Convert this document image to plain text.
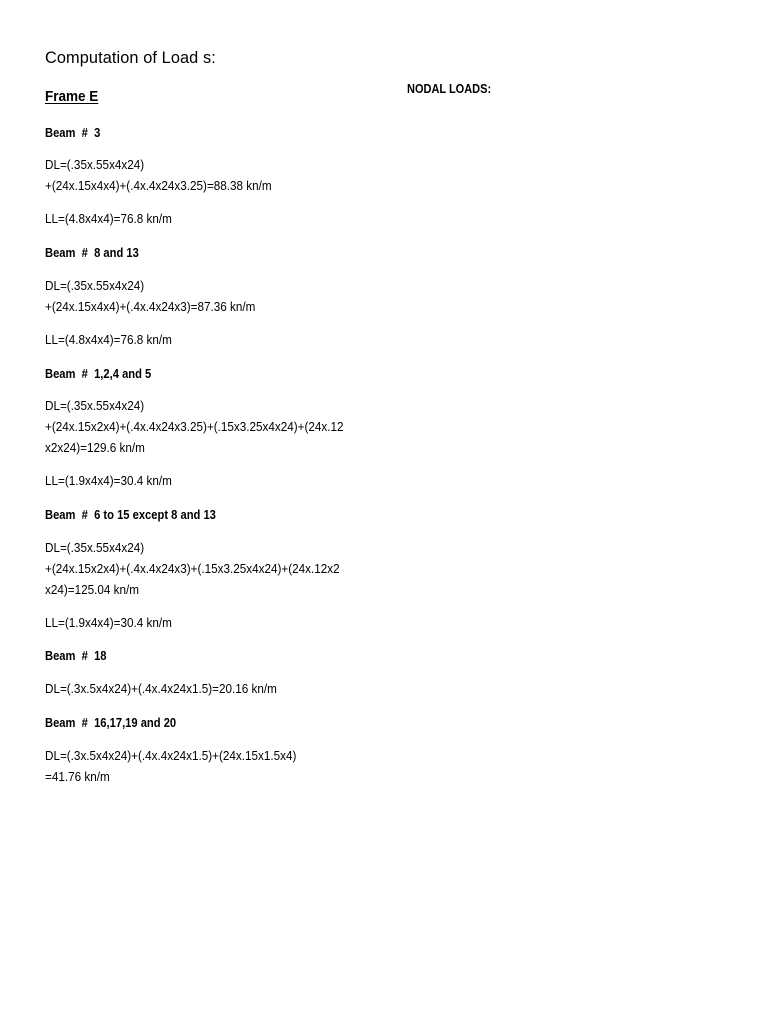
Computation of Load s:
Frame E	NODAL LOADS:
Beam  #  3
DL=(.35x.55x4x24)
+(24x.15x4x4)+(.4x.4x24x3.25)=88.38 kn/m
LL=(4.8x4x4)=76.8 kn/m
Beam  #  8 and 13
DL=(.35x.55x4x24)
+(24x.15x4x4)+(.4x.4x24x3)=87.36 kn/m
LL=(4.8x4x4)=76.8 kn/m
Beam  #  1,2,4 and 5
DL=(.35x.55x4x24)
+(24x.15x2x4)+(.4x.4x24x3.25)+(.15x3.25x4x24)+(24x.12
x2x24)=129.6 kn/m
LL=(1.9x4x4)=30.4 kn/m
Beam  #  6 to 15 except 8 and 13
DL=(.35x.55x4x24)
+(24x.15x2x4)+(.4x.4x24x3)+(.15x3.25x4x24)+(24x.12x2
x24)=125.04 kn/m
LL=(1.9x4x4)=30.4 kn/m
Beam  #  18
DL=(.3x.5x4x24)+(.4x.4x24x1.5)=20.16 kn/m
Beam  #  16,17,19 and 20
DL=(.3x.5x4x24)+(.4x.4x24x1.5)+(24x.15x1.5x4)
=41.76 kn/m
